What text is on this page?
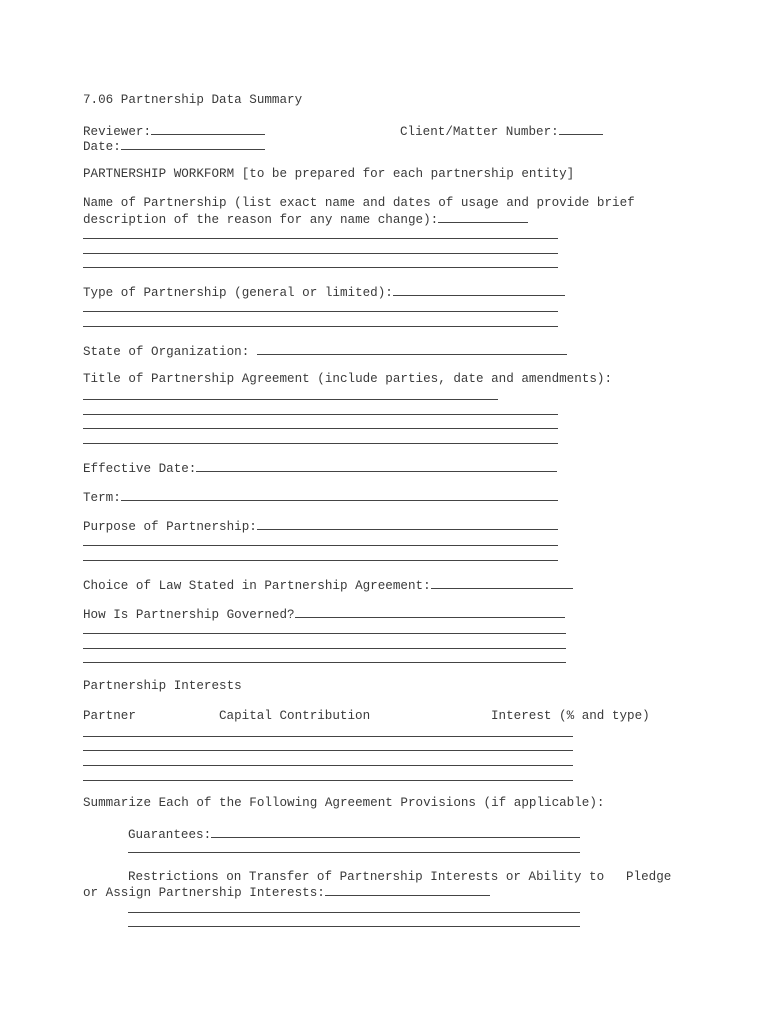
7.06 Partnership Data Summary
Reviewer:	Client/Matter Number:
Date:
PARTNERSHIP WORKFORM [to be prepared for each partnership entity]
Name of Partnership (list exact name and dates of usage and provide brief
description of the reason for any name change):
Type of Partnership (general or limited):
State of Organization:
Title of Partnership Agreement (include parties, date and amendments):
Effective Date:
Term:
Purpose of Partnership:
Choice of Law Stated in Partnership Agreement:
How Is Partnership Governed?
Partnership Interests
Partner	Capital Contribution	Interest (% and type)
Summarize Each of the Following Agreement Provisions (if applicable):
Guarantees:
Restrictions on Transfer of Partnership Interests or Ability to Pledge
or Assign Partnership Interests:
